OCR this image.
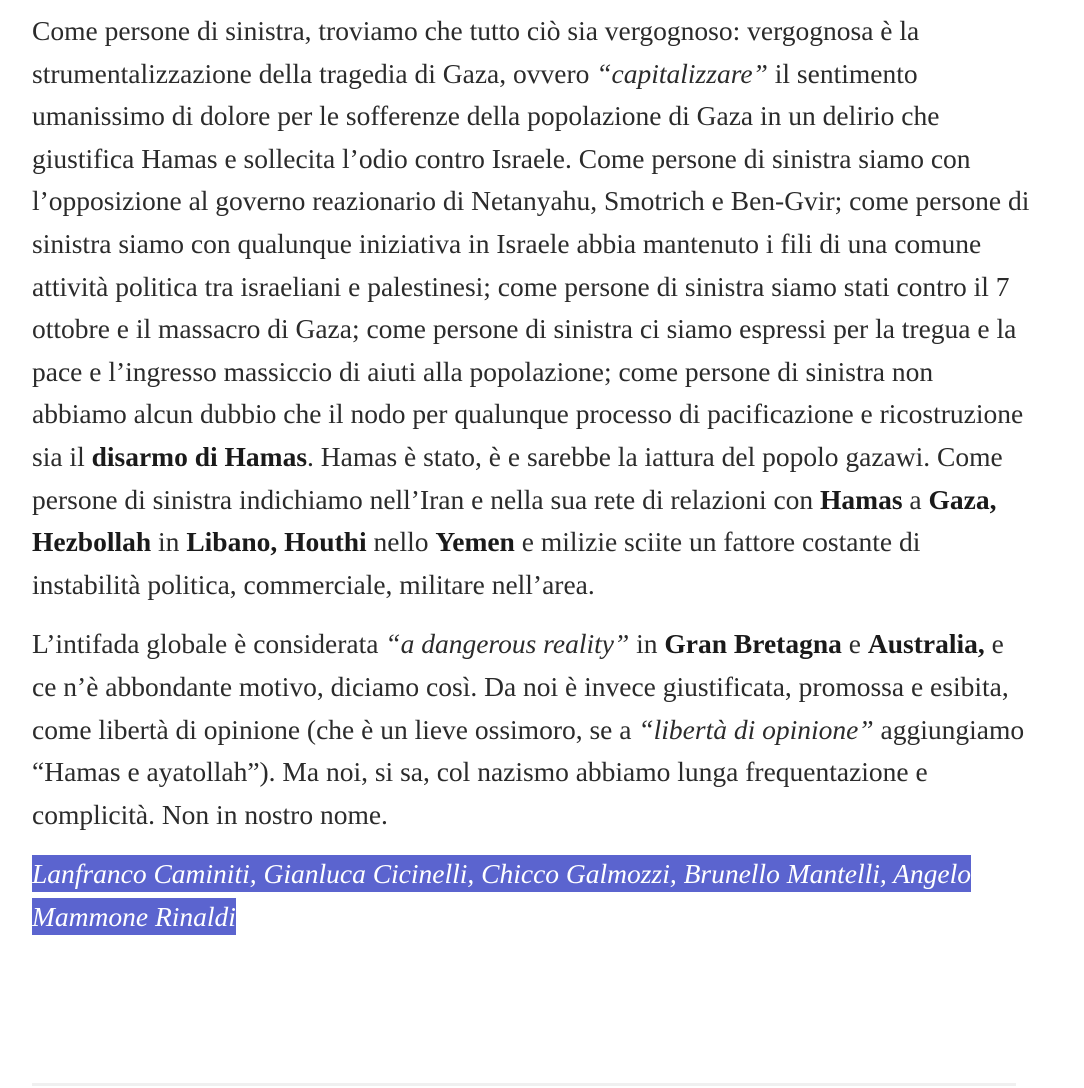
Come persone di sinistra, troviamo che tutto ciò sia vergognoso: vergognosa è la strumentalizzazione della tragedia di Gaza, ovvero “capitalizzare” il sentimento umanissimo di dolore per le sofferenze della popolazione di Gaza in un delirio che giustifica Hamas e sollecita l’odio contro Israele. Come persone di sinistra siamo con l’opposizione al governo reazionario di Netanyahu, Smotrich e Ben-Gvir; come persone di sinistra siamo con qualunque iniziativa in Israele abbia mantenuto i fili di una comune attività politica tra israeliani e palestinesi; come persone di sinistra siamo stati contro il 7 ottobre e il massacro di Gaza; come persone di sinistra ci siamo espressi per la tregua e la pace e l’ingresso massiccio di aiuti alla popolazione; come persone di sinistra non abbiamo alcun dubbio che il nodo per qualunque processo di pacificazione e ricostruzione sia il disarmo di Hamas. Hamas è stato, è e sarebbe la iattura del popolo gazawi. Come persone di sinistra indichiamo nell’Iran e nella sua rete di relazioni con Hamas a Gaza, Hezbollah in Libano, Houthi nello Yemen e milizie sciite un fattore costante di instabilità politica, commerciale, militare nell’area.

L’intifada globale è considerata “a dangerous reality” in Gran Bretagna e Australia, e ce n’è abbondante motivo, diciamo così. Da noi è invece giustificata, promossa e esibita, come libertà di opinione (che è un lieve ossimoro, se a “libertà di opinione” aggiungiamo “Hamas e ayatollah”). Ma noi, si sa, col nazismo abbiamo lunga frequentazione e complicità. Non in nostro nome.

Lanfranco Caminiti, Gianluca Cicinelli, Chicco Galmozzi, Brunello Mantelli, Angelo Mammone Rinaldi
